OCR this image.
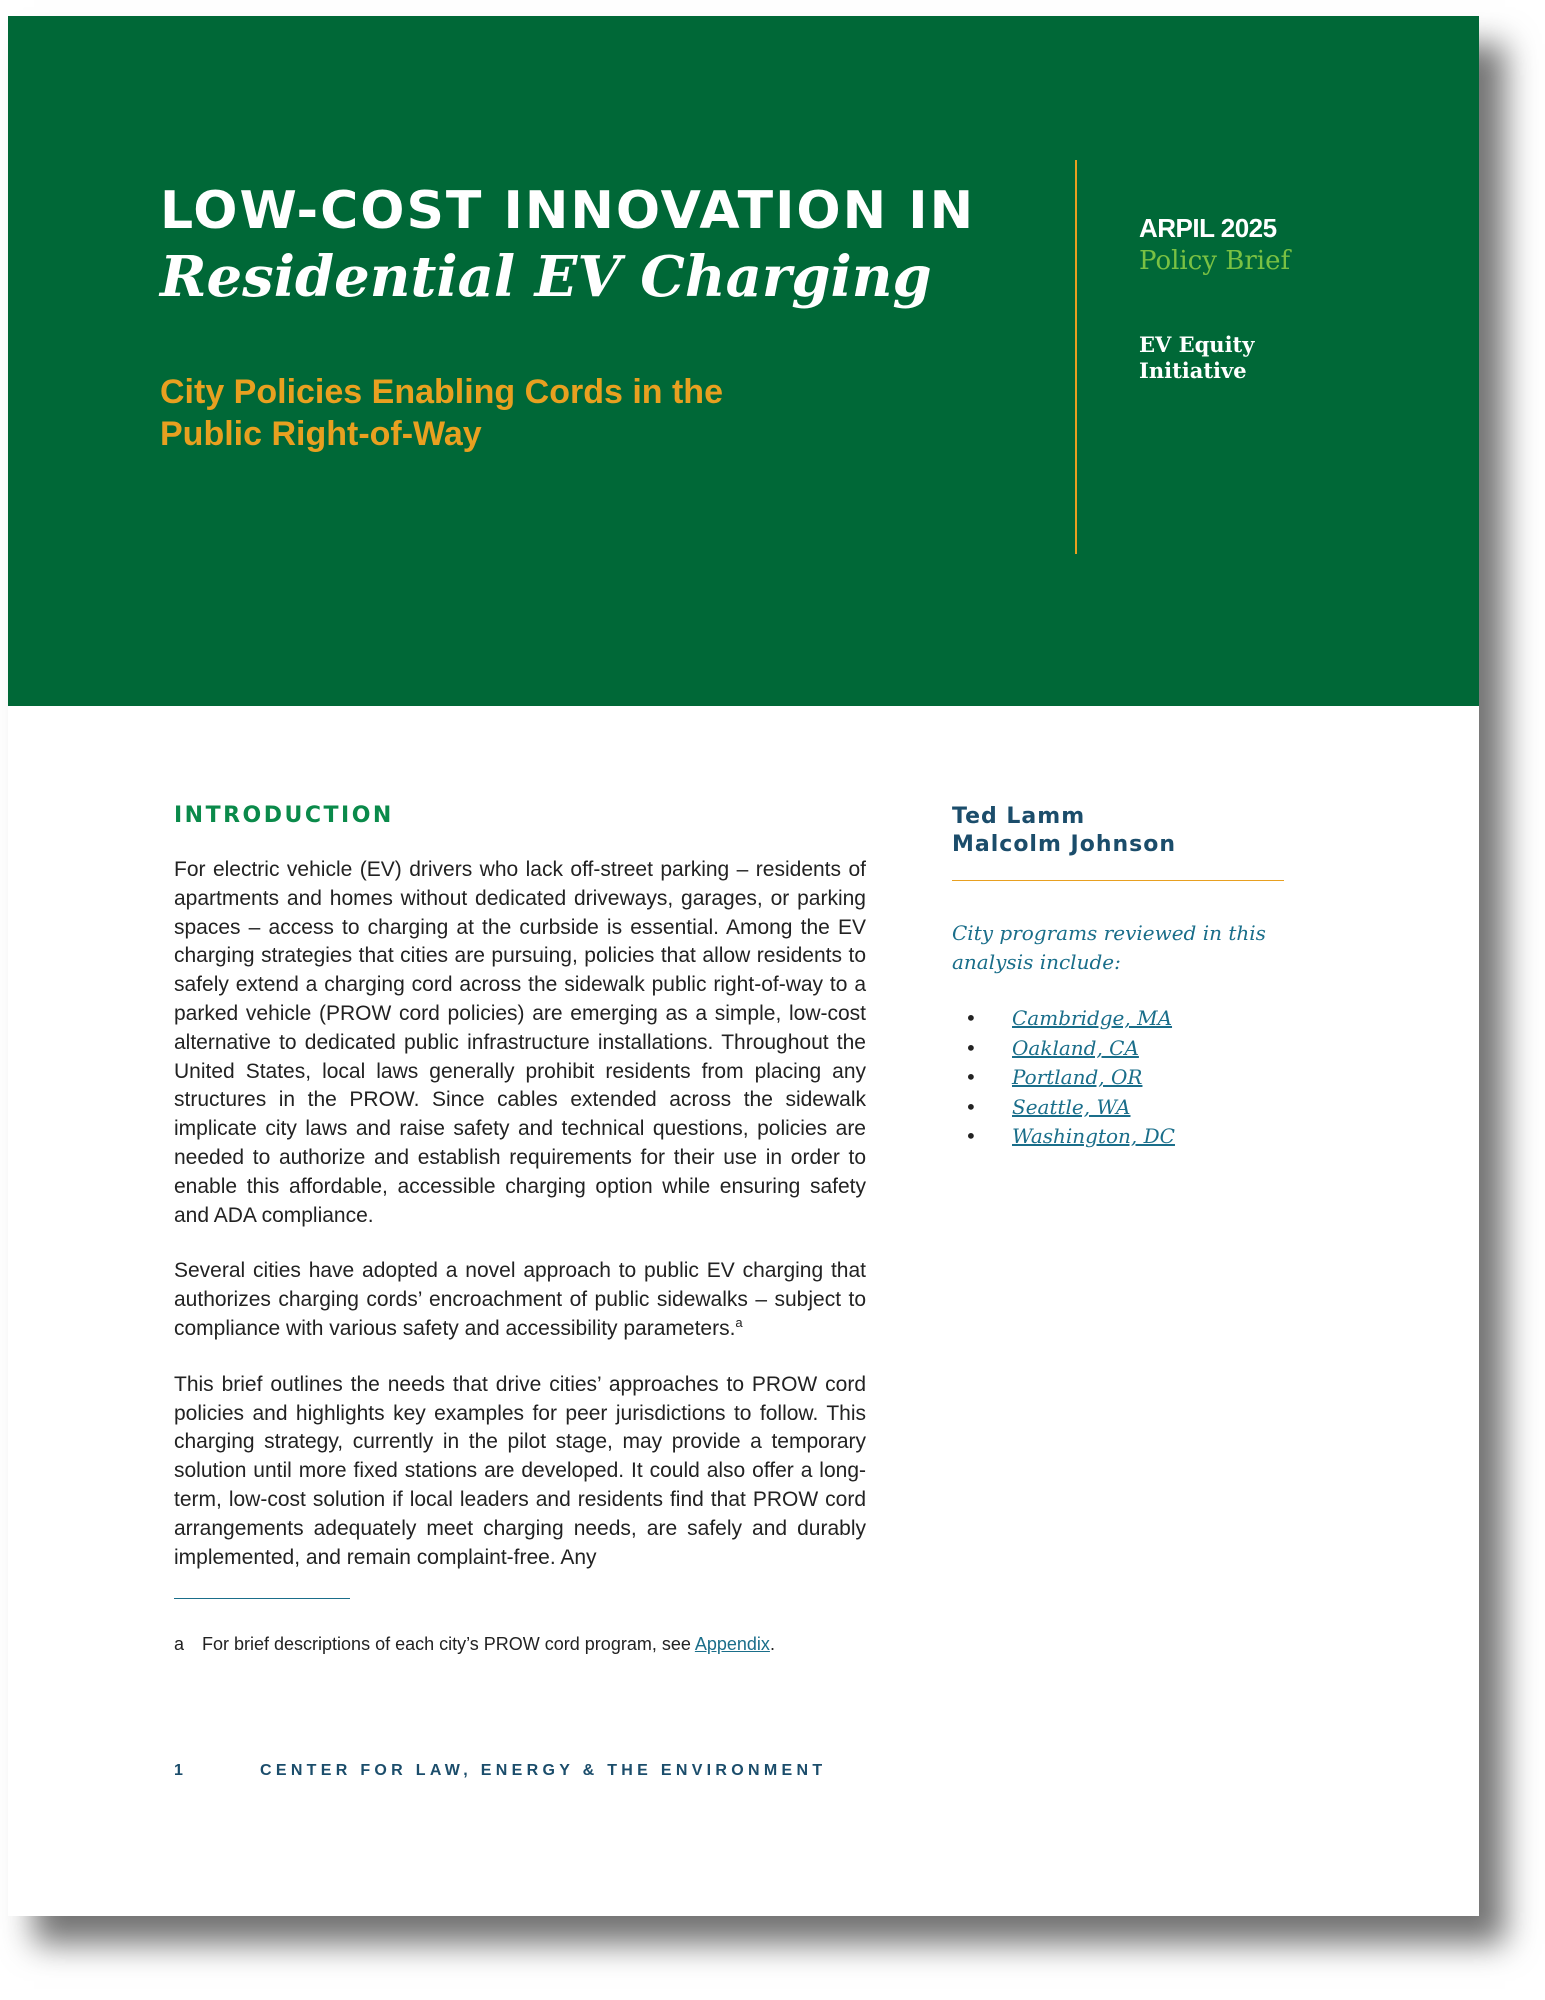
LOW-COST INNOVATION IN
Residential EV Charging
City Policies Enabling Cords in the Public Right-of-Way
ARPIL 2025
Policy Brief
EV Equity Initiative
INTRODUCTION

For electric vehicle (EV) drivers who lack off-street parking – residents of apartments and homes without dedicated driveways, garages, or parking spaces – access to charging at the curbside is essential. Among the EV charging strategies that cities are pursuing, policies that allow residents to safely extend a charging cord across the sidewalk public right-of-way to a parked vehicle (PROW cord policies) are emerging as a simple, low-cost alternative to dedicated public infrastructure installations. Throughout the United States, local laws generally prohibit residents from placing any structures in the PROW. Since cables extended across the sidewalk implicate city laws and raise safety and technical questions, policies are needed to authorize and establish requirements for their use in order to enable this affordable, accessible charging option while ensuring safety and ADA compliance.

Several cities have adopted a novel approach to public EV charging that authorizes charging cords’ encroachment of public sidewalks – subject to compliance with various safety and accessibility parameters.$^a$

This brief outlines the needs that drive cities’ approaches to PROW cord policies and highlights key examples for peer jurisdictions to follow. This charging strategy, currently in the pilot stage, may provide a temporary solution until more fixed stations are developed. It could also offer a long-term, low-cost solution if local leaders and residents find that PROW cord arrangements adequately meet charging needs, are safely and durably implemented, and remain complaint-free. Any

a For brief descriptions of each city’s PROW cord program, see Appendix.
1	CENTER FOR LAW, ENERGY & THE ENVIRONMENT
Ted Lamm
Malcolm Johnson
City programs reviewed in this analysis include:
• Cambridge, MA
• Oakland, CA
• Portland, OR
• Seattle, WA
• Washington, DC
